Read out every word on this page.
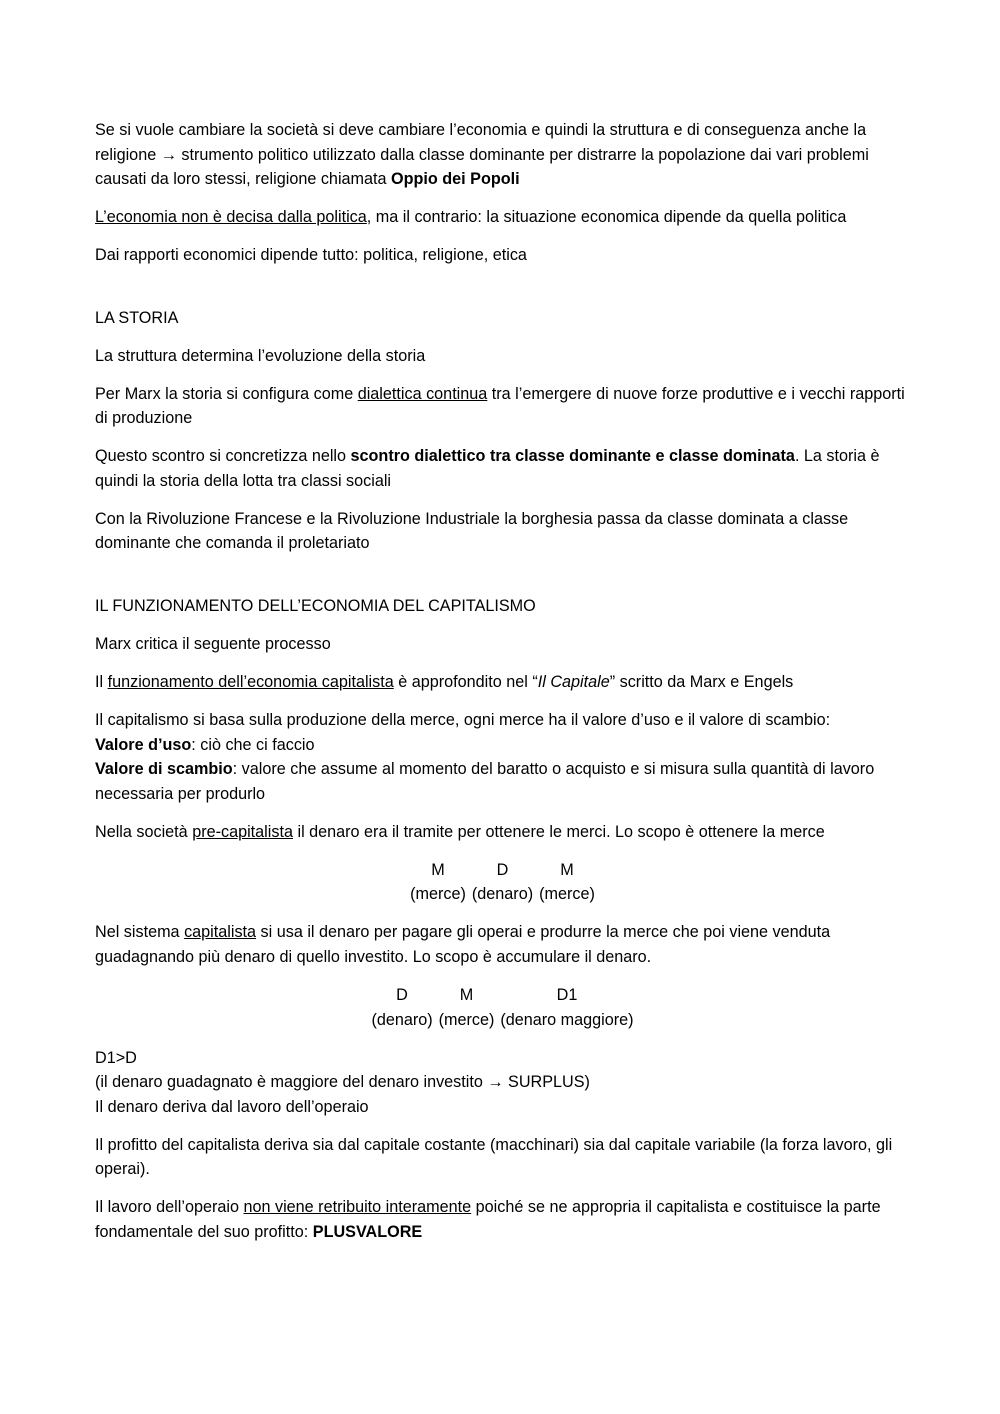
Se si vuole cambiare la società si deve cambiare l’economia e quindi la struttura e di conseguenza anche la religione → strumento politico utilizzato dalla classe dominante per distrarre la popolazione dai vari problemi causati da loro stessi, religione chiamata Oppio dei Popoli

L’economia non è decisa dalla politica, ma il contrario: la situazione economica dipende da quella politica

Dai rapporti economici dipende tutto: politica, religione, etica

LA STORIA

La struttura determina l’evoluzione della storia

Per Marx la storia si configura come dialettica continua tra l’emergere di nuove forze produttive e i vecchi rapporti di produzione

Questo scontro si concretizza nello scontro dialettico tra classe dominante e classe dominata. La storia è quindi la storia della lotta tra classi sociali

Con la Rivoluzione Francese e la Rivoluzione Industriale la borghesia passa da classe dominata a classe dominante che comanda il proletariato

IL FUNZIONAMENTO DELL’ECONOMIA DEL CAPITALISMO

Marx critica il seguente processo

Il funzionamento dell’economia capitalista è approfondito nel “Il Capitale” scritto da Marx e Engels

Il capitalismo si basa sulla produzione della merce, ogni merce ha il valore d’uso e il valore di scambio:
Valore d’uso: ciò che ci faccio
Valore di scambio: valore che assume al momento del baratto o acquisto e si misura sulla quantità di lavoro necessaria per produrlo

Nella società pre-capitalista il denaro era il tramite per ottenere le merci. Lo scopo è ottenere la merce

M	D	M
(merce)	(denaro)	(merce)

Nel sistema capitalista si usa il denaro per pagare gli operai e produrre la merce che poi viene venduta guadagnando più denaro di quello investito. Lo scopo è accumulare il denaro.

D	M	D1
(denaro)	(merce)	(denaro maggiore)

D1>D
(il denaro guadagnato è maggiore del denaro investito → SURPLUS)
Il denaro deriva dal lavoro dell’operaio

Il profitto del capitalista deriva sia dal capitale costante (macchinari) sia dal capitale variabile (la forza lavoro, gli operai).

Il lavoro dell’operaio non viene retribuito interamente poiché se ne appropria il capitalista e costituisce la parte fondamentale del suo profitto: PLUSVALORE
